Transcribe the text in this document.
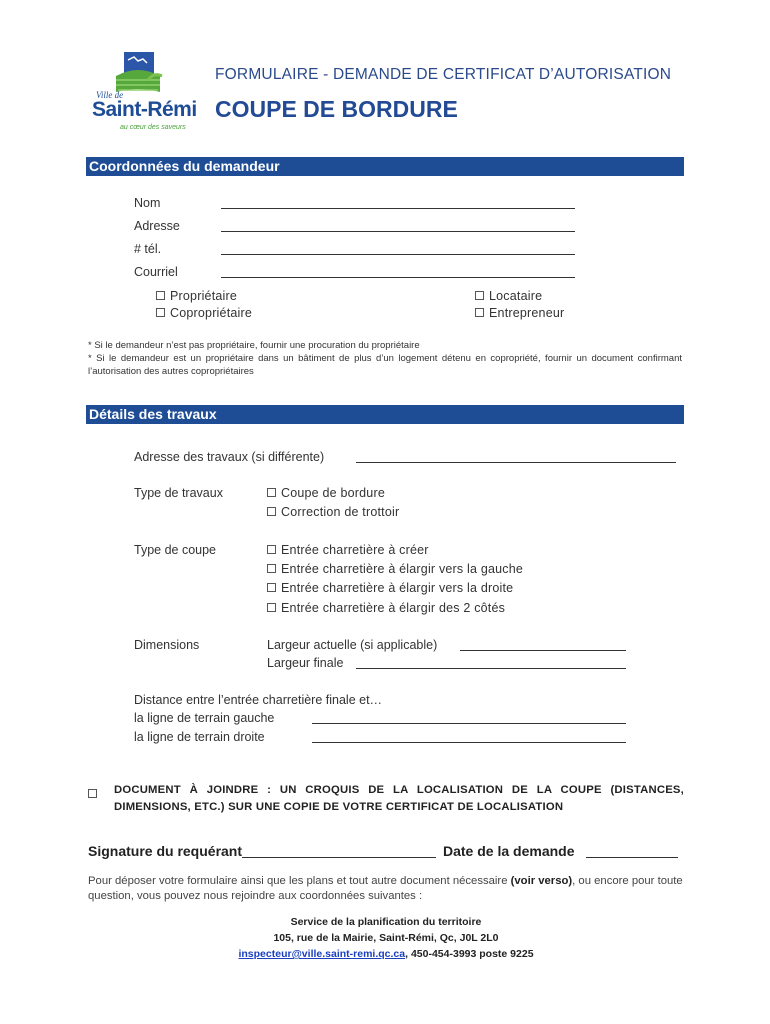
Ville de
Saint-Rémi
au cœur des saveurs
FORMULAIRE - DEMANDE DE CERTIFICAT D’AUTORISATION
COUPE DE BORDURE
Coordonnées du demandeur
Nom
Adresse
# tél.
Courriel
Propriétaire
Copropriétaire
Locataire
Entrepreneur
* Si le demandeur n’est pas propriétaire, fournir une procuration du propriétaire
* Si le demandeur est un propriétaire dans un bâtiment de plus d’un logement détenu en copropriété, fournir un document confirmant l’autorisation des autres copropriétaires
Détails des travaux
Adresse des travaux (si différente)
Type de travaux	Coupe de bordure
Correction de trottoir
Type de coupe	Entrée charretière à créer
Entrée charretière à élargir vers la gauche
Entrée charretière à élargir vers la droite
Entrée charretière à élargir des 2 côtés
Dimensions	Largeur actuelle (si applicable)
Largeur finale
Distance entre l’entrée charretière finale et…
la ligne de terrain gauche
la ligne de terrain droite
DOCUMENT À JOINDRE : UN CROQUIS DE LA LOCALISATION DE LA COUPE (DISTANCES, DIMENSIONS, ETC.) SUR UNE COPIE DE VOTRE CERTIFICAT DE LOCALISATION
Signature du requérant	Date de la demande
Pour déposer votre formulaire ainsi que les plans et tout autre document nécessaire (voir verso), ou encore pour toute question, vous pouvez nous rejoindre aux coordonnées suivantes :
Service de la planification du territoire
105, rue de la Mairie, Saint-Rémi, Qc, J0L 2L0
inspecteur@ville.saint-remi.qc.ca, 450-454-3993 poste 9225
